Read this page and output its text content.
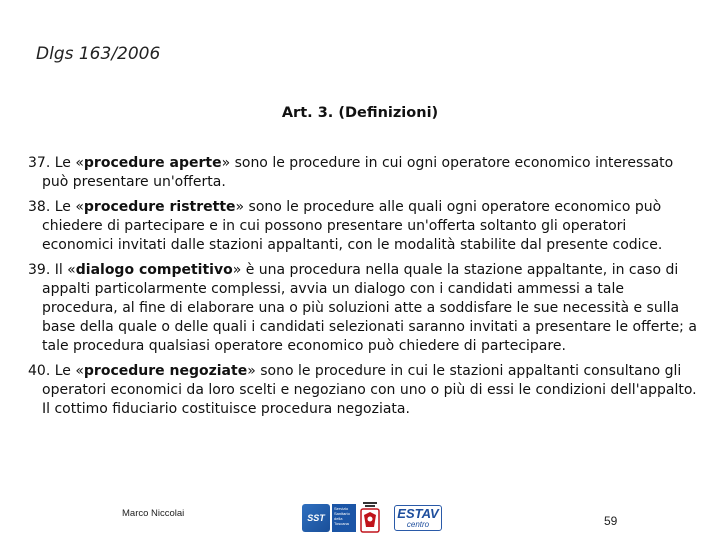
Dlgs 163/2006
Art. 3. (Definizioni)

37. Le «procedure aperte» sono le procedure in cui ogni operatore economico interessato può presentare un'offerta.

38. Le «procedure ristrette» sono le procedure alle quali ogni operatore economico può chiedere di partecipare e in cui possono presentare un'offerta soltanto gli operatori economici invitati dalle stazioni appaltanti, con le modalità stabilite dal presente codice.

39. Il «dialogo competitivo» è una procedura nella quale la stazione appaltante, in caso di appalti particolarmente complessi, avvia un dialogo con i candidati ammessi a tale procedura, al fine di elaborare una o più soluzioni atte a soddisfare le sue necessità e sulla base della quale o delle quali i candidati selezionati saranno invitati a presentare le offerte; a tale procedura qualsiasi operatore economico può chiedere di partecipare.

40. Le «procedure negoziate» sono le procedure in cui le stazioni appaltanti consultano gli operatori economici da loro scelti e negoziano con uno o più di essi le condizioni dell'appalto. Il cottimo fiduciario costituisce procedura negoziata.

Marco Niccolai	SST
Servizio Sanitario della Toscana
ESTAV
centro	59
